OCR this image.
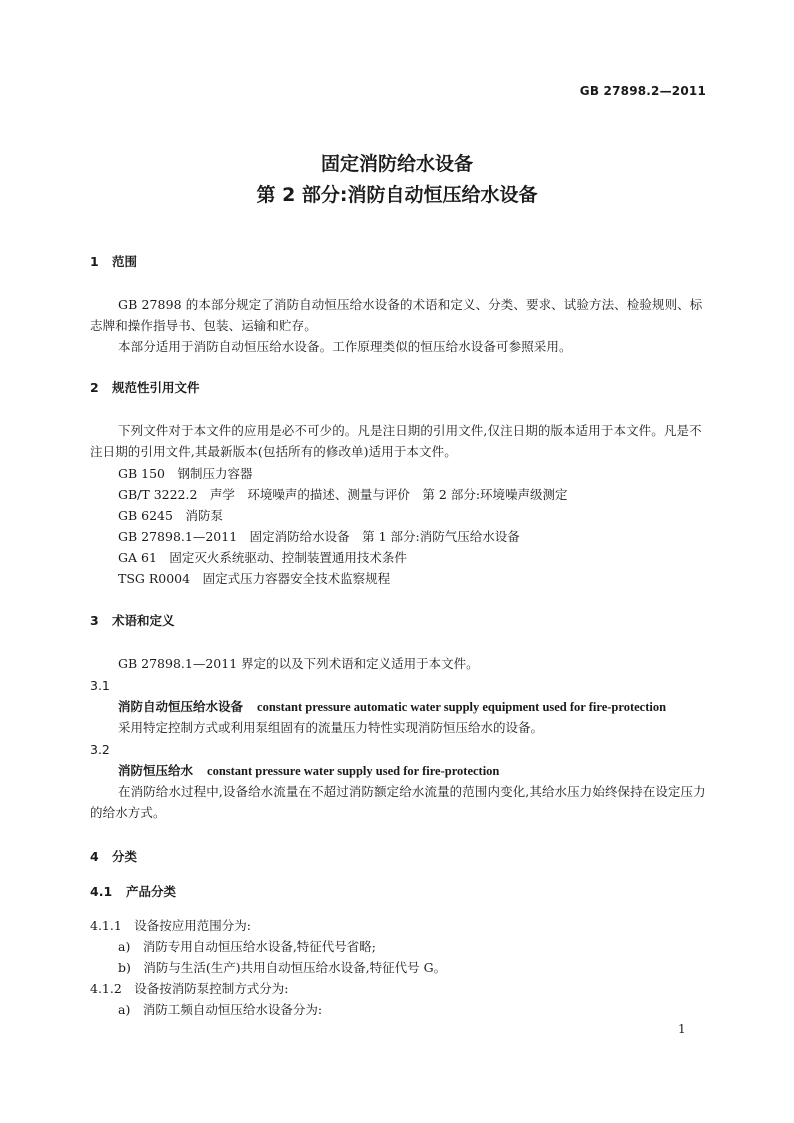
GB 27898.2—2011
固定消防给水设备
第 2 部分:消防自动恒压给水设备
1 范围
GB 27898 的本部分规定了消防自动恒压给水设备的术语和定义、分类、要求、试验方法、检验规则、标志牌和操作指导书、包装、运输和贮存。
本部分适用于消防自动恒压给水设备。工作原理类似的恒压给水设备可参照采用。
2 规范性引用文件
下列文件对于本文件的应用是必不可少的。凡是注日期的引用文件,仅注日期的版本适用于本文件。凡是不注日期的引用文件,其最新版本(包括所有的修改单)适用于本文件。
GB 150　钢制压力容器
GB/T 3222.2　声学　环境噪声的描述、测量与评价　第 2 部分:环境噪声级测定
GB 6245　消防泵
GB 27898.1—2011　固定消防给水设备　第 1 部分:消防气压给水设备
GA 61　固定灭火系统驱动、控制装置通用技术条件
TSG R0004　固定式压力容器安全技术监察规程
3 术语和定义
GB 27898.1—2011 界定的以及下列术语和定义适用于本文件。
3.1
消防自动恒压给水设备 constant pressure automatic water supply equipment used for fire-protection
采用特定控制方式或利用泵组固有的流量压力特性实现消防恒压给水的设备。
3.2
消防恒压给水 constant pressure water supply used for fire-protection
在消防给水过程中,设备给水流量在不超过消防额定给水流量的范围内变化,其给水压力始终保持在设定压力的给水方式。
4 分类
4.1 产品分类
4.1.1　设备按应用范围分为:
a)　消防专用自动恒压给水设备,特征代号省略;
b)　消防与生活(生产)共用自动恒压给水设备,特征代号 G。
4.1.2　设备按消防泵控制方式分为:
a)　消防工频自动恒压给水设备分为:
1
